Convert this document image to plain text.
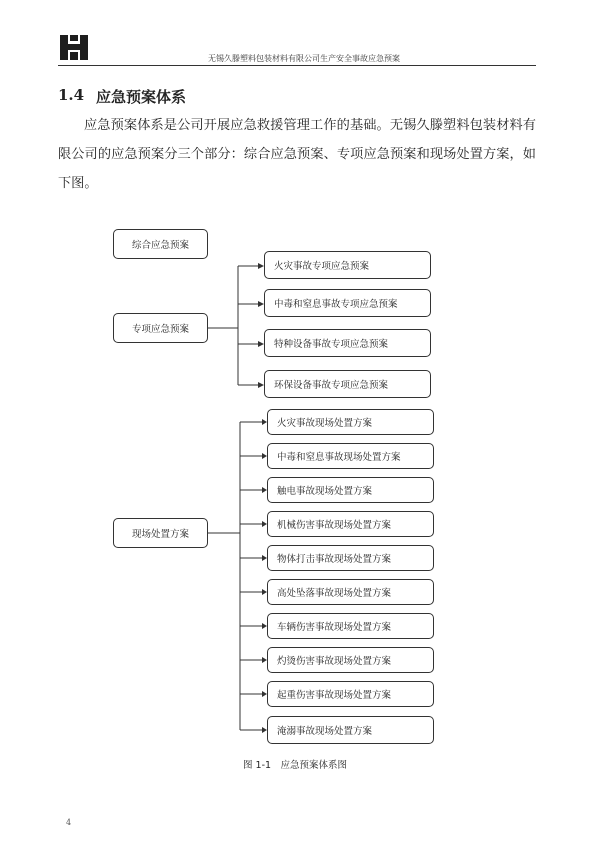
无锡久滕塑料包装材料有限公司生产安全事故应急预案
1.4 应急预案体系
应急预案体系是公司开展应急救援管理工作的基础。无锡久滕塑料包装材料有限公司的应急预案分三个部分：综合应急预案、专项应急预案和现场处置方案，如下图。
综合应急预案
专项应急预案
现场处置方案
火灾事故专项应急预案
中毒和窒息事故专项应急预案
特种设备事故专项应急预案
环保设备事故专项应急预案
火灾事故现场处置方案
中毒和窒息事故现场处置方案
触电事故现场处置方案
机械伤害事故现场处置方案
物体打击事故现场处置方案
高处坠落事故现场处置方案
车辆伤害事故现场处置方案
灼烫伤害事故现场处置方案
起重伤害事故现场处置方案
淹溺事故现场处置方案
图 1-1　应急预案体系图
4
